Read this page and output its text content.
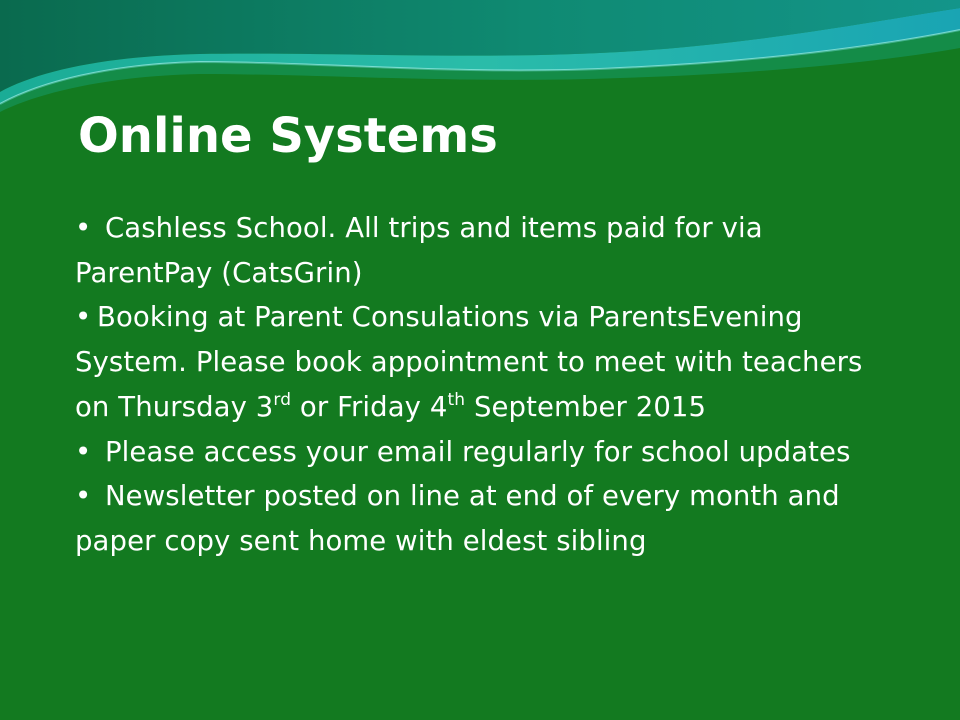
Online Systems
• Cashless School. All trips and items paid for via ParentPay (CatsGrin)
• Booking at Parent Consulations via ParentsEvening System. Please book appointment to meet with teachers on Thursday 3rd or Friday 4th September 2015
• Please access your email regularly for school updates
• Newsletter posted on line at end of every month and paper copy sent home with eldest sibling
